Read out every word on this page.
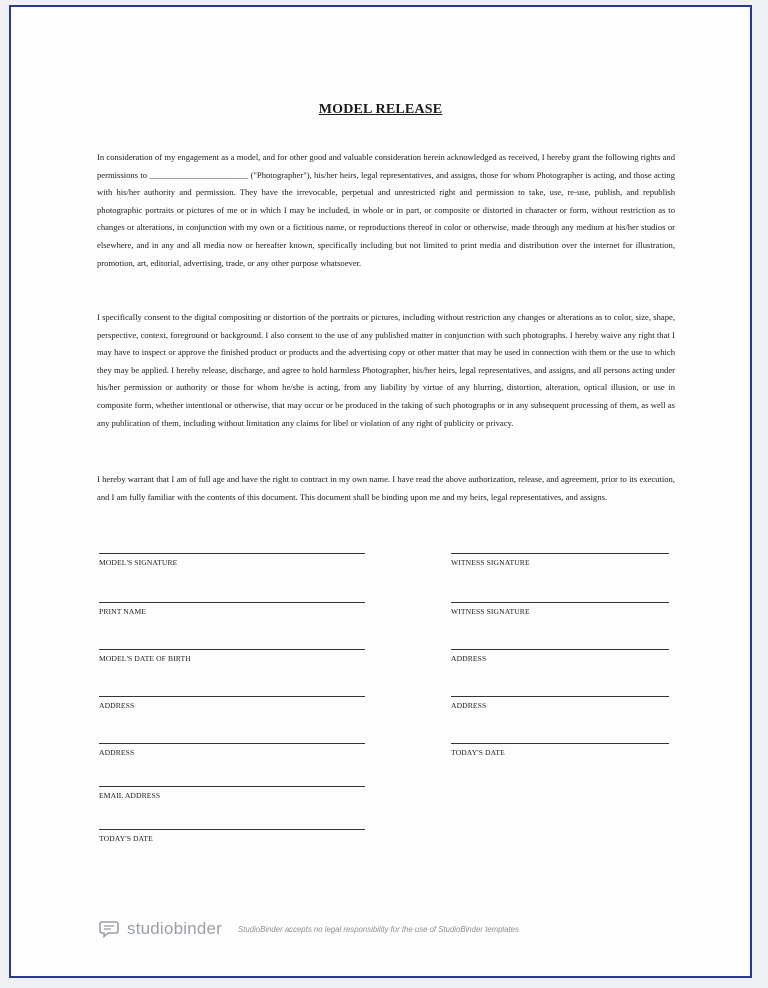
MODEL RELEASE

In consideration of my engagement as a model, and for other good and valuable consideration herein acknowledged as received, I hereby grant the following rights and permissions to _______________________ ("Photographer"), his/her heirs, legal representatives, and assigns, those for whom Photographer is acting, and those acting with his/her authority and permission. They have the irrevocable, perpetual and unrestricted right and permission to take, use, re-use, publish, and republish photographic portraits or pictures of me or in which I may be included, in whole or in part, or composite or distorted in character or form, without restriction as to changes or alterations, in conjunction with my own or a fictitious name, or reproductions thereof in color or otherwise, made through any medium at his/her studios or elsewhere, and in any and all media now or hereafter known, specifically including but not limited to print media and distribution over the internet for illustration, promotion, art, editorial, advertising, trade, or any other purpose whatsoever.

I specifically consent to the digital compositing or distortion of the portraits or pictures, including without restriction any changes or alterations as to color, size, shape, perspective, context, foreground or background. I also consent to the use of any published matter in conjunction with such photographs. I hereby waive any right that I may have to inspect or approve the finished product or products and the advertising copy or other matter that may be used in connection with them or the use to which they may be applied. I hereby release, discharge, and agree to hold harmless Photographer, his/her heirs, legal representatives, and assigns, and all persons acting under his/her permission or authority or those for whom he/she is acting, from any liability by virtue of any blurring, distortion, alteration, optical illusion, or use in composite form, whether intentional or otherwise, that may occur or be produced in the taking of such photographs or in any subsequent processing of them, as well as any publication of them, including without limitation any claims for libel or violation of any right of publicity or privacy.

I hereby warrant that I am of full age and have the right to contract in my own name. I have read the above authorization, release, and agreement, prior to its execution, and I am fully familiar with the contents of this document. This document shall be binding upon me and my heirs, legal representatives, and assigns.

MODEL'S SIGNATURE
PRINT NAME
MODEL'S DATE OF BIRTH
ADDRESS
ADDRESS
EMAIL ADDRESS
TODAY'S DATE
WITNESS SIGNATURE
WITNESS SIGNATURE
ADDRESS
ADDRESS
TODAY'S DATE
studiobinder StudioBinder accepts no legal responsibility for the use of StudioBinder templates
